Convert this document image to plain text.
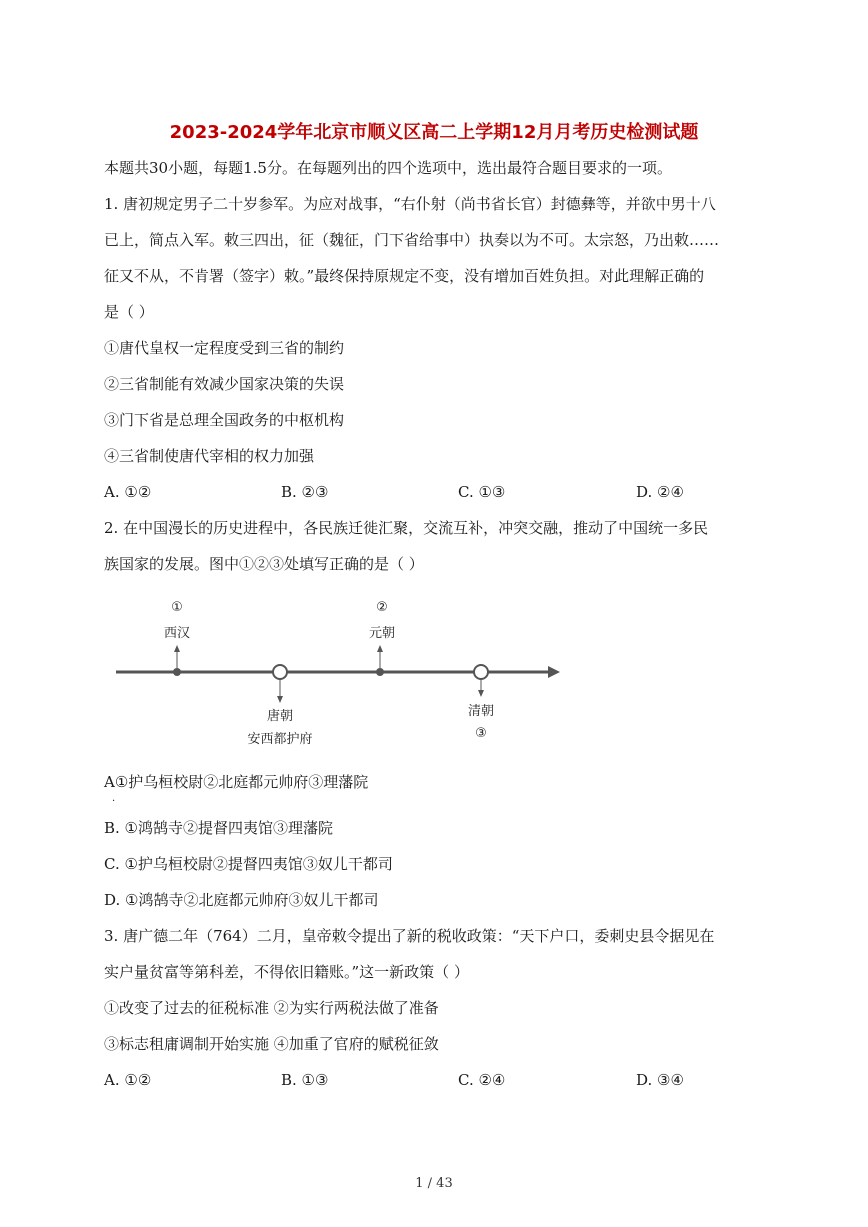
2023-2024学年北京市顺义区高二上学期12月月考历史检测试题
本题共30小题，每题1.5分。在每题列出的四个选项中，选出最符合题目要求的一项。
1. 唐初规定男子二十岁参军。为应对战事，“右仆射（尚书省长官）封德彝等，并欲中男十八
已上，简点入军。敕三四出，征（魏征，门下省给事中）执奏以为不可。太宗怒，乃出敕……
征又不从，不肯署（签字）敕。”最终保持原规定不变，没有增加百姓负担。对此理解正确的
是（ ）
①唐代皇权一定程度受到三省的制约
②三省制能有效减少国家决策的失误
③门下省是总理全国政务的中枢机构
④三省制使唐代宰相的权力加强
A. ①②	B. ②③	C. ①③	D. ②④
2. 在中国漫长的历史进程中，各民族迁徙汇聚，交流互补，冲突交融，推动了中国统一多民
族国家的发展。图中①②③处填写正确的是（ ）
①
西汉
唐朝
安西都护府
②
元朝
清朝
③
A①护乌桓校尉②北庭都元帅府③理藩院
·
B. ①鸿鹄寺②提督四夷馆③理藩院
C. ①护乌桓校尉②提督四夷馆③奴儿干都司
D. ①鸿鹄寺②北庭都元帅府③奴儿干都司
3. 唐广德二年（764）二月，皇帝敕令提出了新的税收政策：“天下户口，委刺史县令据见在
实户量贫富等第科差，不得依旧籍账。”这一新政策（ ）
①改变了过去的征税标准 ②为实行两税法做了准备
③标志租庸调制开始实施 ④加重了官府的赋税征敛
A. ①②	B. ①③	C. ②④	D. ③④
1 / 43
